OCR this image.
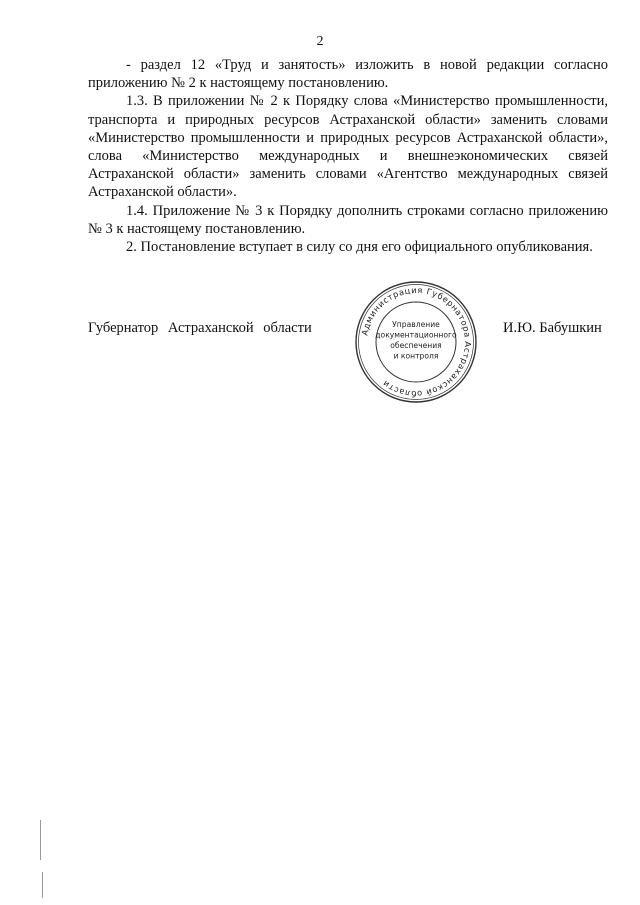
2

- раздел 12 «Труд и занятость» изложить в новой редакции согласно приложению № 2 к настоящему постановлению.

1.3. В приложении № 2 к Порядку слова «Министерство промышленности, транспорта и природных ресурсов Астраханской области» заменить словами «Министерство промышленности и природных ресурсов Астраханской области», слова «Министерство международных и внешнеэкономических связей Астраханской области» заменить словами «Агентство международных связей Астраханской области».

1.4. Приложение № 3 к Порядку дополнить строками согласно приложению № 3 к настоящему постановлению.

2. Постановление вступает в силу со дня его официального опубликования.

Губернатор Астраханской области	И.Ю. Бабушкин
Администрация Губернатора Астраханской области
Управление
документационного
обеспечения
и контроля
